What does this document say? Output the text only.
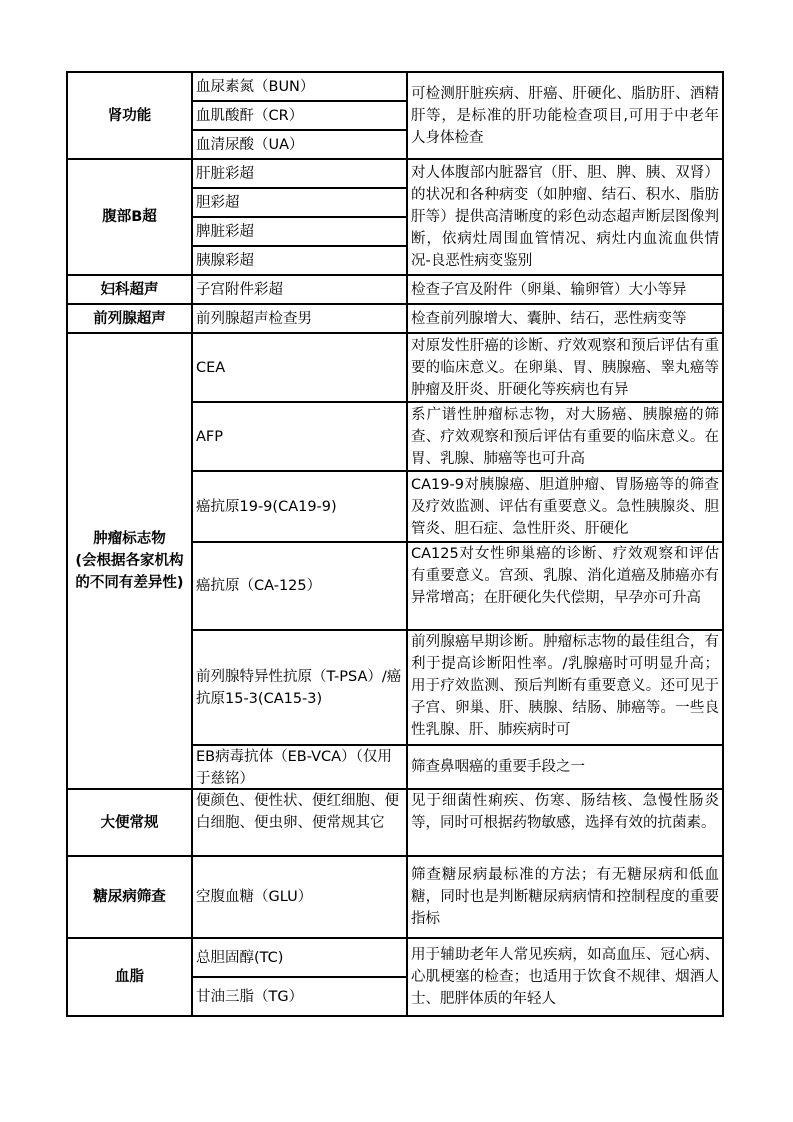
肾功能	血尿素氮（BUN）	可检测肝脏疾病、肝癌、肝硬化、脂肪肝、酒精肝等，是标准的肝功能检查项目,可用于中老年人身体检查
	血肌酸酐（CR）	
	血清尿酸（UA）	
腹部B超	肝脏彩超	对人体腹部内脏器官（肝、胆、脾、胰、双肾）的状况和各种病变（如肿瘤、结石、积水、脂肪肝等）提供高清晰度的彩色动态超声断层图像判断，依病灶周围血管情况、病灶内血流血供情况-良恶性病变鉴别
	胆彩超	
	脾脏彩超	
	胰腺彩超	
妇科超声	子宫附件彩超	检查子宫及附件（卵巢、输卵管）大小等异
前列腺超声	前列腺超声检查男	检查前列腺增大、囊肿、结石，恶性病变等

肿瘤标志物
(会根据各家机构
的不同有差异性)	CEA	对原发性肝癌的诊断、疗效观察和预后评估有重要的临床意义。在卵巢、胃、胰腺癌、睾丸癌等肿瘤及肝炎、肝硬化等疾病也有异

	AFP	系广谱性肿瘤标志物，对大肠癌、胰腺癌的筛查、疗效观察和预后评估有重要的临床意义。在胃、乳腺、肺癌等也可升高

	癌抗原19-9(CA19-9)	CA19-9对胰腺癌、胆道肿瘤、胃肠癌等的筛查及疗效监测、评估有重要意义。急性胰腺炎、胆管炎、胆石症、急性肝炎、肝硬化

	癌抗原（CA-125）	CA125对女性卵巢癌的诊断、疗效观察和评估有重要意义。宫颈、乳腺、消化道癌及肺癌亦有异常增高；在肝硬化失代偿期，早孕亦可升高

	前列腺特异性抗原（T-PSA）/癌抗原15-3(CA15-3)	前列腺癌早期诊断。肿瘤标志物的最佳组合，有利于提高诊断阳性率。/乳腺癌时可明显升高；用于疗效监测、预后判断有重要意义。还可见于子宫、卵巢、肝、胰腺、结肠、肺癌等。一些良性乳腺、肝、肺疾病时可

	EB病毒抗体（EB-VCA）（仅用于慈铭）	筛查鼻咽癌的重要手段之一
大便常规	便颜色、便性状、便红细胞、便白细胞、便虫卵、便常规其它	见于细菌性痢疾、伤寒、肠结核、急慢性肠炎等，同时可根据药物敏感，选择有效的抗菌素。

糖尿病筛查	空腹血糖（GLU）	筛查糖尿病最标准的方法；有无糖尿病和低血糖，同时也是判断糖尿病病情和控制程度的重要指标
血脂	总胆固醇(TC)	用于辅助老年人常见疾病，如高血压、冠心病、心肌梗塞的检查；也适用于饮食不规律、烟酒人士、肥胖体质的年轻人
	甘油三脂（TG）	
